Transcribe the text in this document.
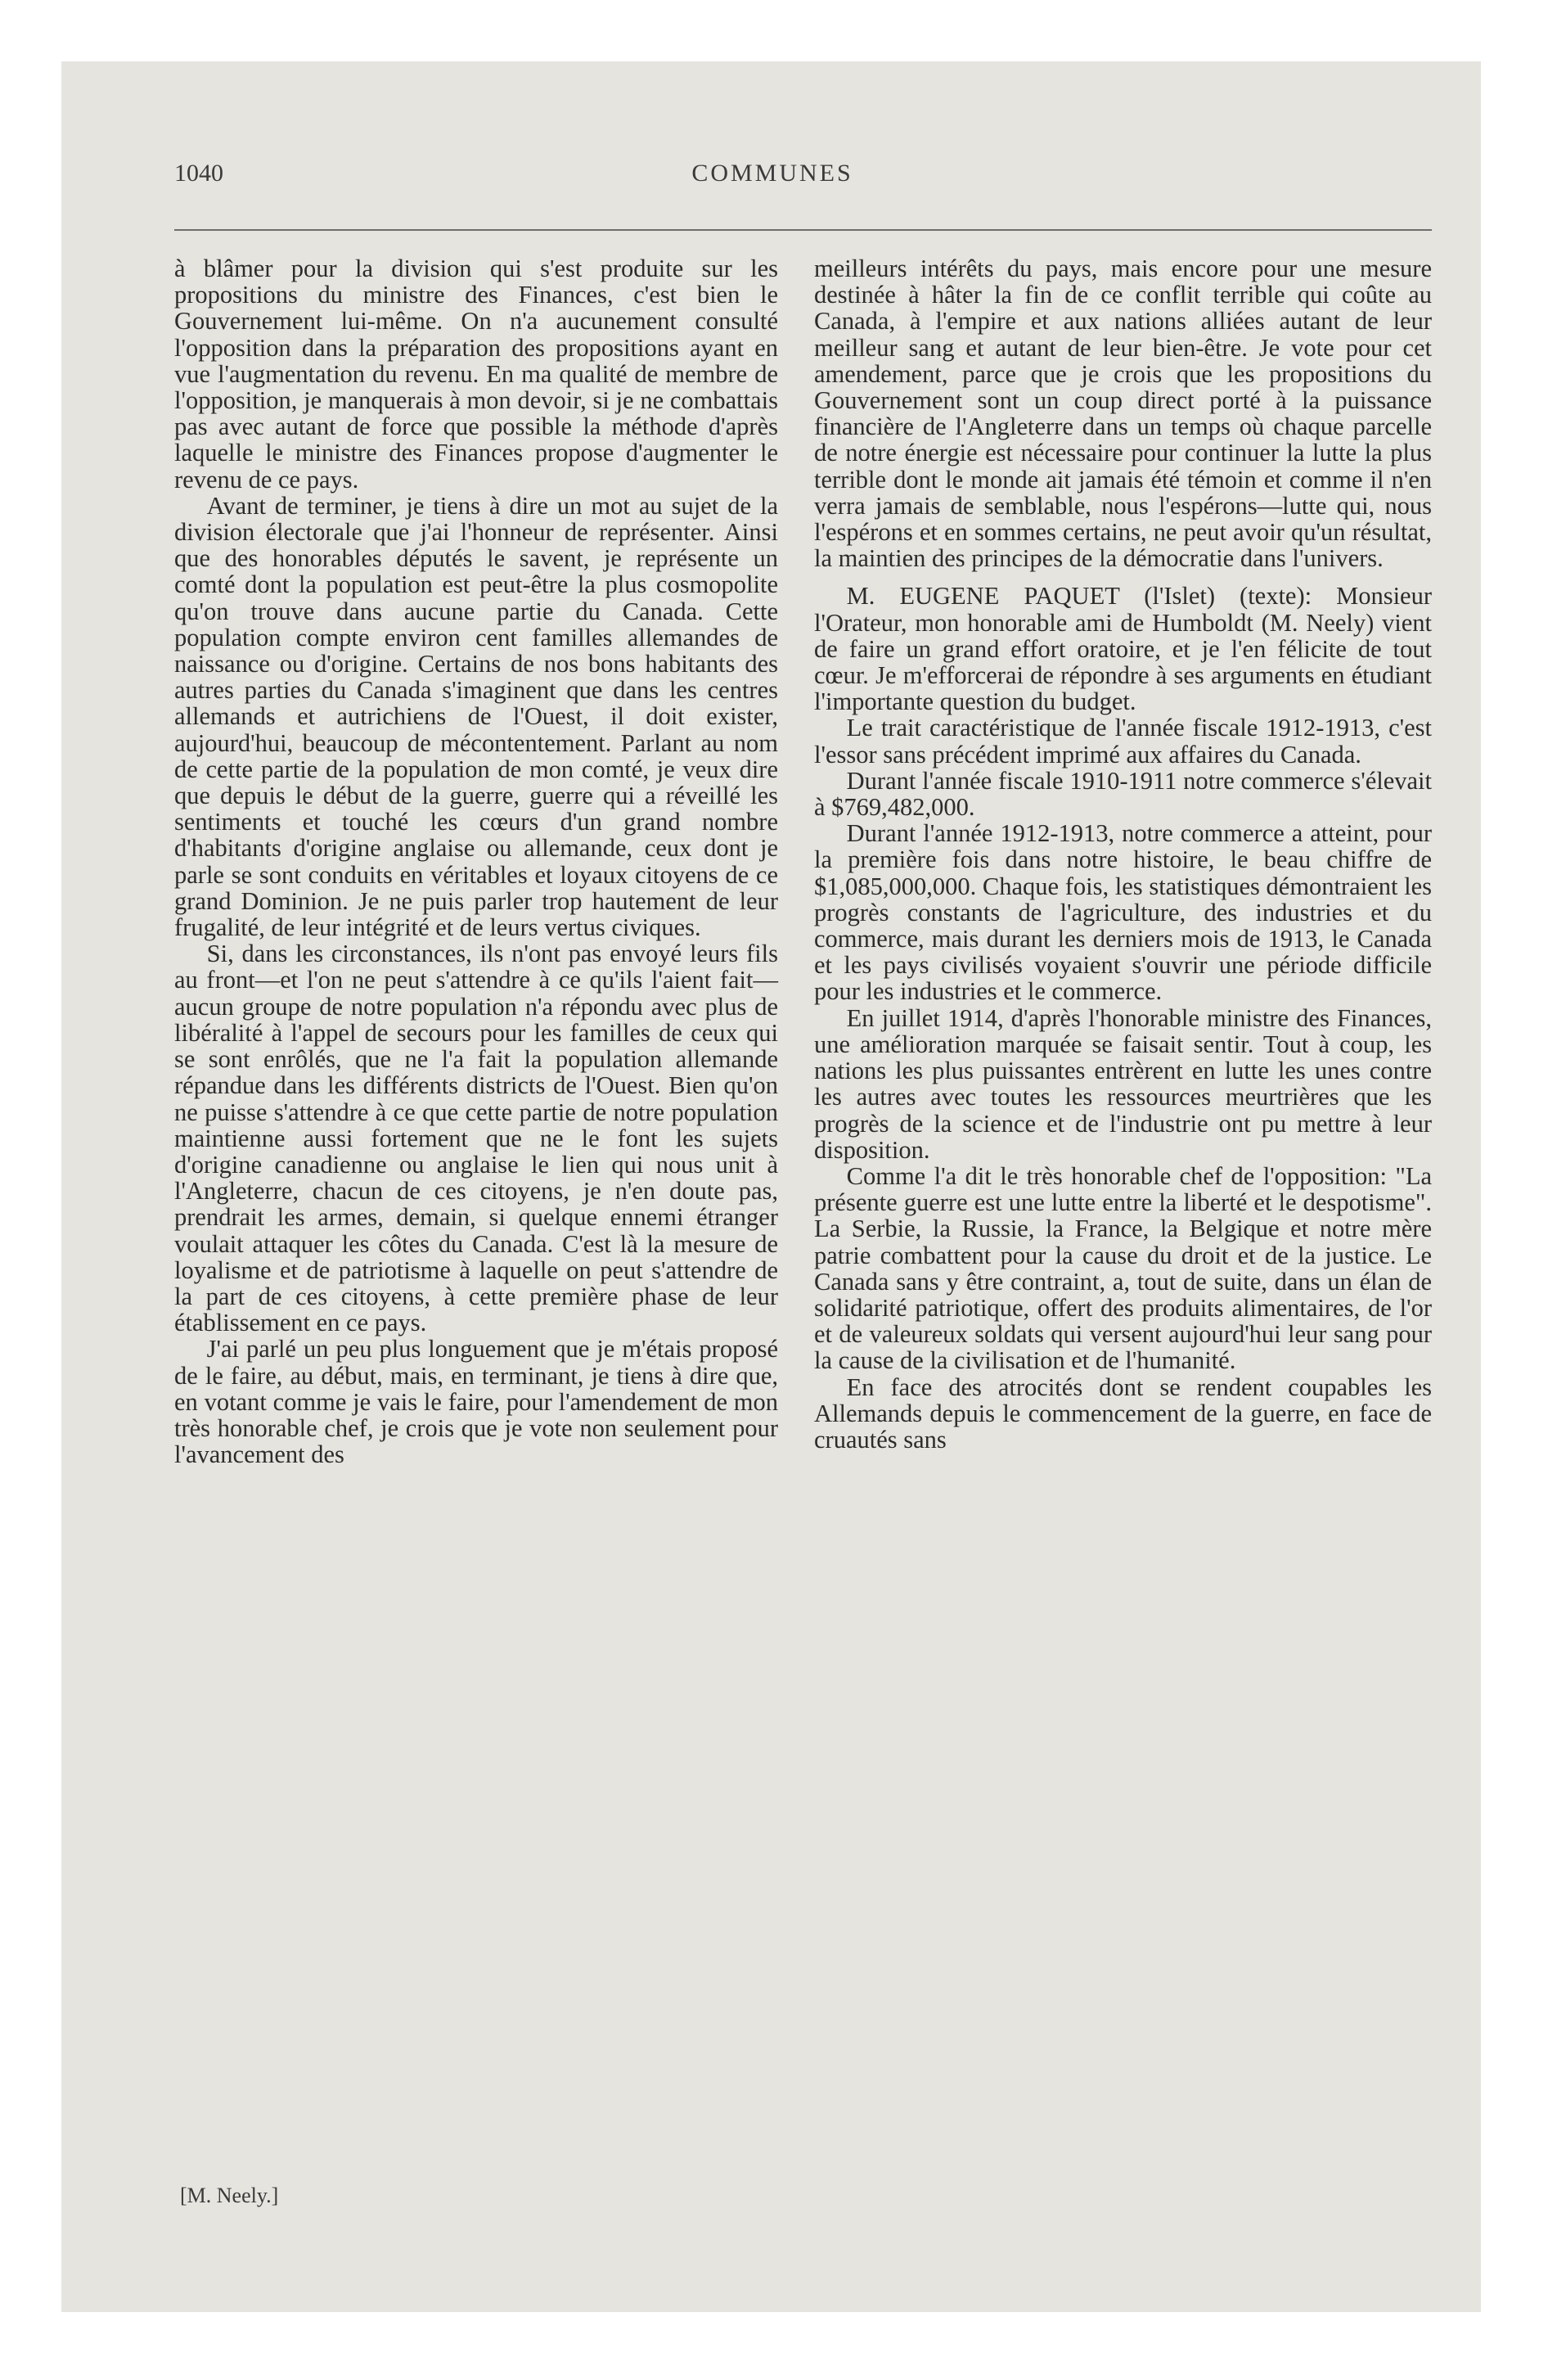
1040	COMMUNES

à blâmer pour la division qui s'est produite sur les propositions du ministre des Finances, c'est bien le Gouvernement lui-même. On n'a aucunement consulté l'opposition dans la préparation des propositions ayant en vue l'augmentation du revenu. En ma qualité de membre de l'opposition, je manquerais à mon devoir, si je ne combattais pas avec autant de force que possible la méthode d'après laquelle le ministre des Finances propose d'augmenter le revenu de ce pays.

Avant de terminer, je tiens à dire un mot au sujet de la division électorale que j'ai l'honneur de représenter. Ainsi que des honorables députés le savent, je représente un comté dont la population est peut-être la plus cosmopolite qu'on trouve dans aucune partie du Canada. Cette population compte environ cent familles allemandes de naissance ou d'origine. Certains de nos bons habitants des autres parties du Canada s'imaginent que dans les centres allemands et autrichiens de l'Ouest, il doit exister, aujourd'hui, beaucoup de mécontentement. Parlant au nom de cette partie de la population de mon comté, je veux dire que depuis le début de la guerre, guerre qui a réveillé les sentiments et touché les cœurs d'un grand nombre d'habitants d'origine anglaise ou allemande, ceux dont je parle se sont conduits en véritables et loyaux citoyens de ce grand Dominion. Je ne puis parler trop hautement de leur frugalité, de leur intégrité et de leurs vertus civiques.

Si, dans les circonstances, ils n'ont pas envoyé leurs fils au front—et l'on ne peut s'attendre à ce qu'ils l'aient fait—aucun groupe de notre population n'a répondu avec plus de libéralité à l'appel de secours pour les familles de ceux qui se sont enrôlés, que ne l'a fait la population allemande répandue dans les différents districts de l'Ouest. Bien qu'on ne puisse s'attendre à ce que cette partie de notre population maintienne aussi fortement que ne le font les sujets d'origine canadienne ou anglaise le lien qui nous unit à l'Angleterre, chacun de ces citoyens, je n'en doute pas, prendrait les armes, demain, si quelque ennemi étranger voulait attaquer les côtes du Canada. C'est là la mesure de loyalisme et de patriotisme à laquelle on peut s'attendre de la part de ces citoyens, à cette première phase de leur établissement en ce pays.

J'ai parlé un peu plus longuement que je m'étais proposé de le faire, au début, mais, en terminant, je tiens à dire que, en votant comme je vais le faire, pour l'amendement de mon très honorable chef, je crois que je vote non seulement pour l'avancement des

meilleurs intérêts du pays, mais encore pour une mesure destinée à hâter la fin de ce conflit terrible qui coûte au Canada, à l'empire et aux nations alliées autant de leur meilleur sang et autant de leur bien-être. Je vote pour cet amendement, parce que je crois que les propositions du Gouvernement sont un coup direct porté à la puissance financière de l'Angleterre dans un temps où chaque parcelle de notre énergie est nécessaire pour continuer la lutte la plus terrible dont le monde ait jamais été témoin et comme il n'en verra jamais de semblable, nous l'espérons—lutte qui, nous l'espérons et en sommes certains, ne peut avoir qu'un résultat, la maintien des principes de la démocratie dans l'univers.

M. EUGENE PAQUET (l'Islet) (texte): Monsieur l'Orateur, mon honorable ami de Humboldt (M. Neely) vient de faire un grand effort oratoire, et je l'en félicite de tout cœur. Je m'efforcerai de répondre à ses arguments en étudiant l'importante question du budget.

Le trait caractéristique de l'année fiscale 1912-1913, c'est l'essor sans précédent imprimé aux affaires du Canada.

Durant l'année fiscale 1910-1911 notre commerce s'élevait à $769,482,000.

Durant l'année 1912-1913, notre commerce a atteint, pour la première fois dans notre histoire, le beau chiffre de $1,085,000,000. Chaque fois, les statistiques démontraient les progrès constants de l'agriculture, des industries et du commerce, mais durant les derniers mois de 1913, le Canada et les pays civilisés voyaient s'ouvrir une période difficile pour les industries et le commerce.

En juillet 1914, d'après l'honorable ministre des Finances, une amélioration marquée se faisait sentir. Tout à coup, les nations les plus puissantes entrèrent en lutte les unes contre les autres avec toutes les ressources meurtrières que les progrès de la science et de l'industrie ont pu mettre à leur disposition.

Comme l'a dit le très honorable chef de l'opposition: "La présente guerre est une lutte entre la liberté et le despotisme". La Serbie, la Russie, la France, la Belgique et notre mère patrie combattent pour la cause du droit et de la justice. Le Canada sans y être contraint, a, tout de suite, dans un élan de solidarité patriotique, offert des produits alimentaires, de l'or et de valeureux soldats qui versent aujourd'hui leur sang pour la cause de la civilisation et de l'humanité.

En face des atrocités dont se rendent coupables les Allemands depuis le commencement de la guerre, en face de cruautés sans

[M. Neely.]
